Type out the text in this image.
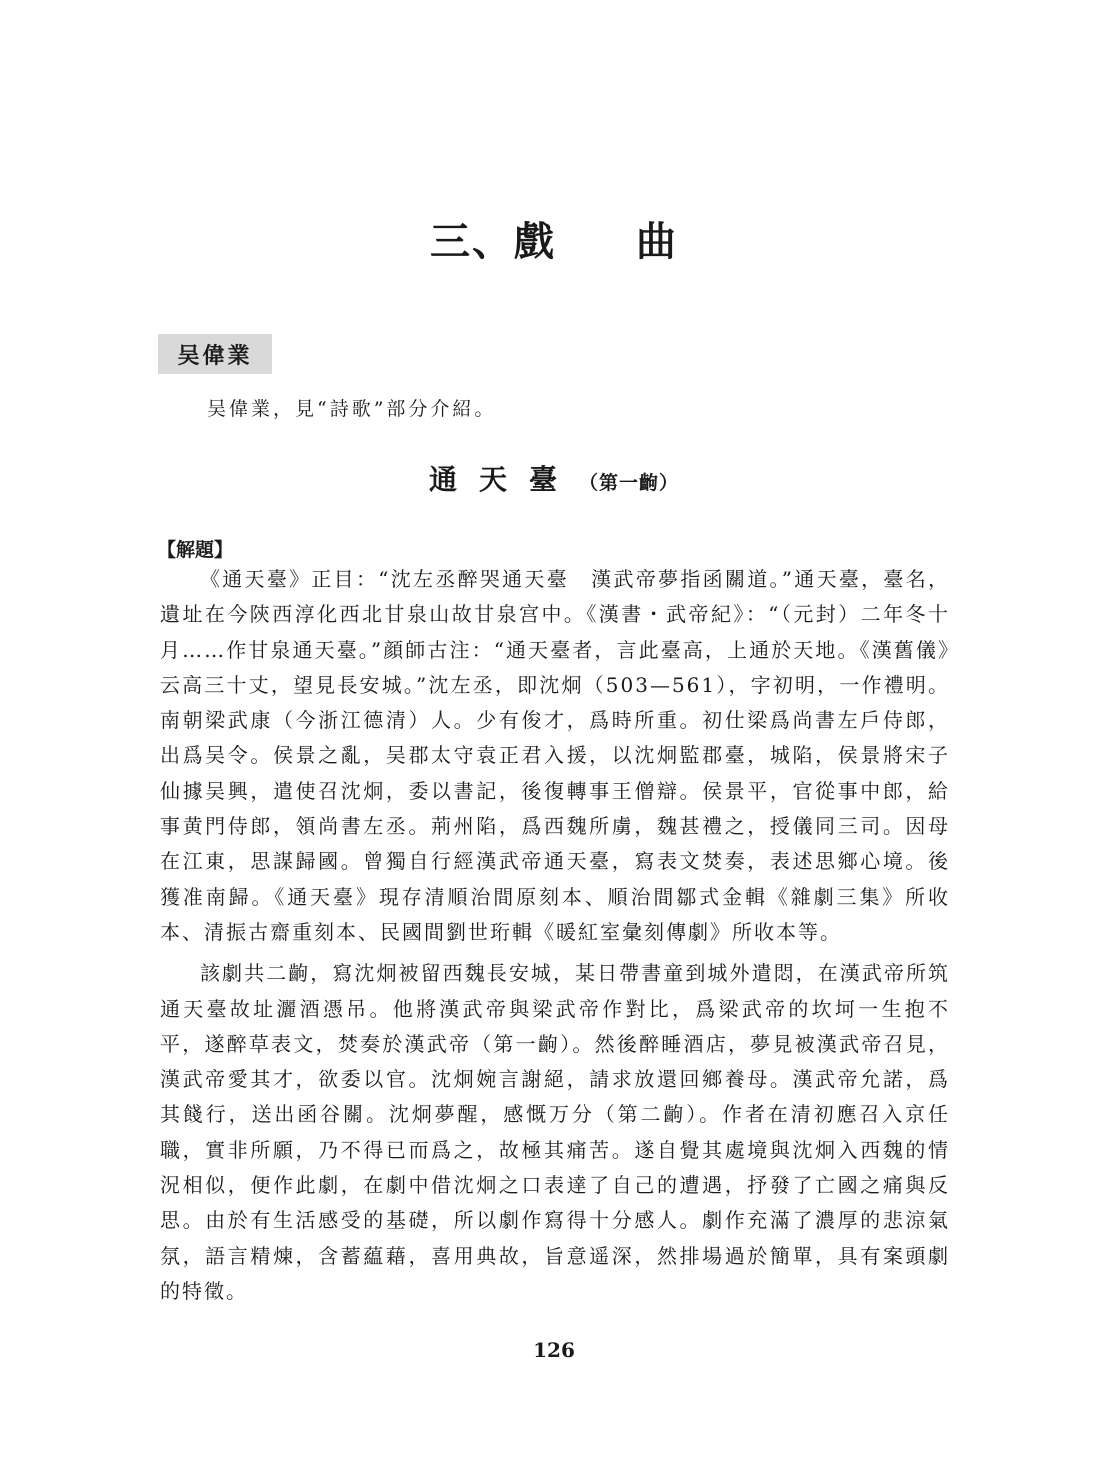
三、戲 曲
吴偉業
吴偉業，見“詩歌”部分介紹。
通天臺（第一齣）
【解題】

《通天臺》正目：“沈左丞醉哭通天臺　漢武帝夢指函關道。”通天臺，臺名，遺址在今陝西淳化西北甘泉山故甘泉宫中。《漢書・武帝紀》：“（元封）二年冬十月……作甘泉通天臺。”顔師古注：“通天臺者，言此臺高，上通於天地。《漢舊儀》云高三十丈，望見長安城。”沈左丞，即沈炯（503—561），字初明，一作禮明。南朝梁武康（今浙江德清）人。少有俊才，爲時所重。初仕梁爲尚書左戶侍郎，出爲吴令。侯景之亂，吴郡太守袁正君入援，以沈炯監郡臺，城陷，侯景將宋子仙據吴興，遣使召沈炯，委以書記，後復轉事王僧辯。侯景平，官從事中郎，給事黄門侍郎，領尚書左丞。荊州陷，爲西魏所虜，魏甚禮之，授儀同三司。因母在江東，思謀歸國。曾獨自行經漢武帝通天臺，寫表文焚奏，表述思鄉心境。後獲准南歸。《通天臺》現存清順治間原刻本、順治間鄒式金輯《雜劇三集》所收本、清振古齋重刻本、民國間劉世珩輯《暖紅室彙刻傳劇》所收本等。

該劇共二齣，寫沈炯被留西魏長安城，某日帶書童到城外遣悶，在漢武帝所筑通天臺故址灑酒憑吊。他將漢武帝與梁武帝作對比，爲梁武帝的坎坷一生抱不平，遂醉草表文，焚奏於漢武帝（第一齣）。然後醉睡酒店，夢見被漢武帝召見，漢武帝愛其才，欲委以官。沈炯婉言謝絕，請求放還回鄉養母。漢武帝允諾，爲其餞行，送出函谷關。沈炯夢醒，感慨万分（第二齣）。作者在清初應召入京任職，實非所願，乃不得已而爲之，故極其痛苦。遂自覺其處境與沈炯入西魏的情況相似，便作此劇，在劇中借沈炯之口表達了自己的遭遇，抒發了亡國之痛與反思。由於有生活感受的基礎，所以劇作寫得十分感人。劇作充滿了濃厚的悲涼氣氛，語言精煉，含蓄藴藉，喜用典故，旨意遥深，然排場過於簡單，具有案頭劇的特徵。

126
